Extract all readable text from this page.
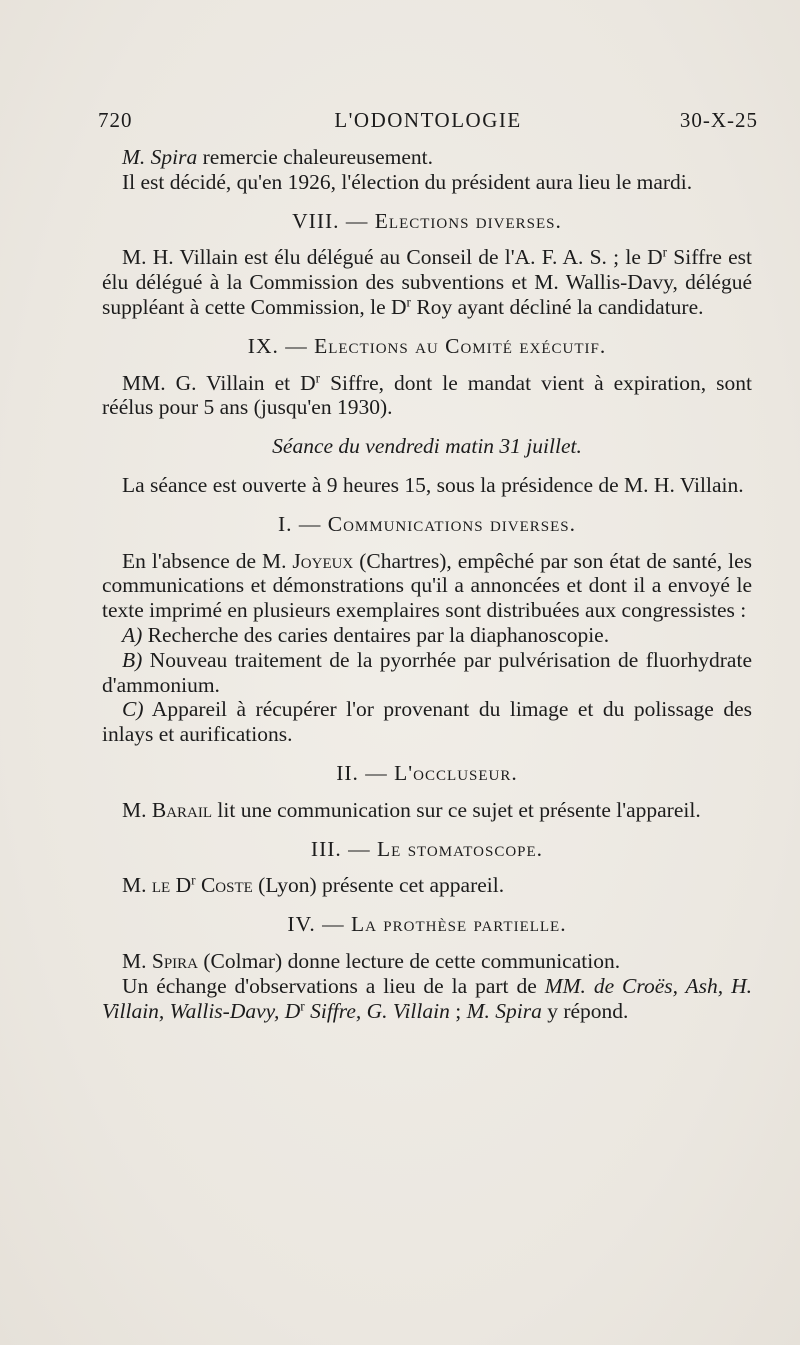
720	L'ODONTOLOGIE	30-X-25

M. Spira remercie chaleureusement.

Il est décidé, qu'en 1926, l'élection du président aura lieu le mardi.

VIII. — Elections diverses.

M. H. Villain est élu délégué au Conseil de l'A. F. A. S. ; le $D^r$ Siffre est élu délégué à la Commission des subventions et M. Wallis-Davy, délégué suppléant à cette Commission, le $D^r$ Roy ayant décliné la candidature.

IX. — Elections au Comité exécutif.

MM. G. Villain et $D^r$ Siffre, dont le mandat vient à expiration, sont réélus pour 5 ans (jusqu'en 1930).

Séance du vendredi matin 31 juillet.

La séance est ouverte à 9 heures 15, sous la présidence de M. H. Villain.

I. — Communications diverses.

En l'absence de M. Joyeux (Chartres), empêché par son état de santé, les communications et démonstrations qu'il a annoncées et dont il a envoyé le texte imprimé en plusieurs exemplaires sont distribuées aux congressistes :

A) Recherche des caries dentaires par la diaphanoscopie.

B) Nouveau traitement de la pyorrhée par pulvérisation de fluorhydrate d'ammonium.

C) Appareil à récupérer l'or provenant du limage et du polissage des inlays et aurifications.

II. — L'occluseur.

M. Barail lit une communication sur ce sujet et présente l'appareil.

III. — Le stomatoscope.

M. le $D^r$ Coste (Lyon) présente cet appareil.

IV. — La prothèse partielle.

M. Spira (Colmar) donne lecture de cette communication.

Un échange d'observations a lieu de la part de MM. de Croës, Ash, H. Villain, Wallis-Davy, $D^r$ Siffre, G. Villain ; M. Spira y répond.
